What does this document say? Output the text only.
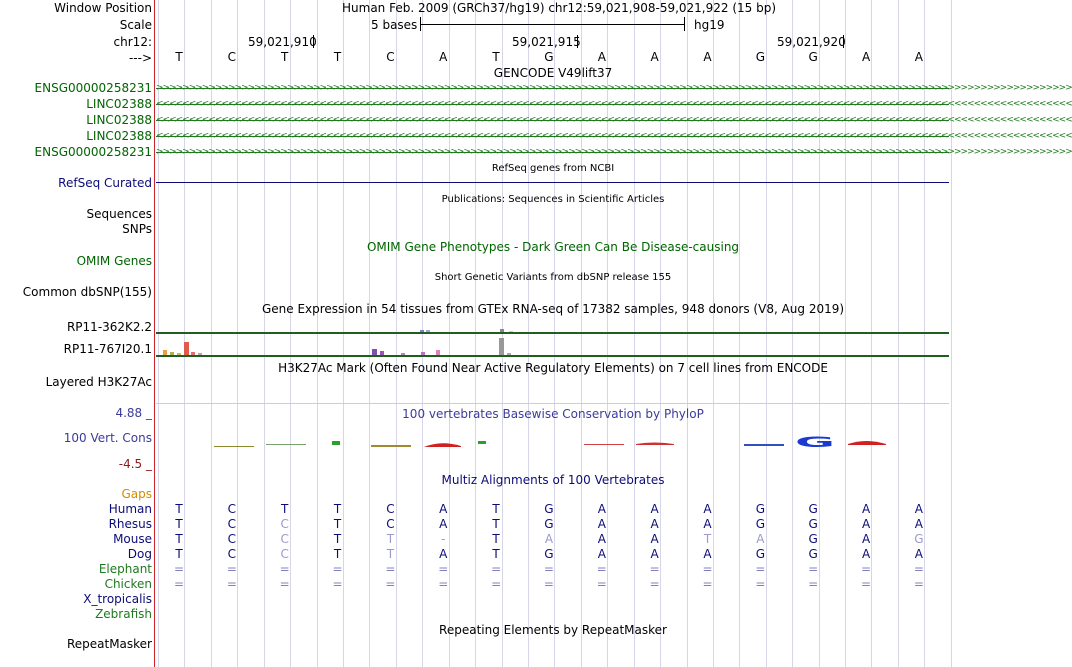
Window Position	Human Feb. 2009 (GRCh37/hg19) chr12:59,021,908-59,021,922 (15 bp)
Scale	5 bases	hg19
chr12:	59,021,910	59,021,915	59,021,920
---> T	C	T	T	C	A	T	G	A	A	A	G	G	A	A
GENCODE V49lift37
ENSG00000258231 >>>>>>>>>>>>>>>>>>>>>>>>>>>>>>>>>>>>>>>>>>>>>>>>>>>>>>>>>>>>>>>>>>>>>>>>>>>>>>>>>>>>>>>>>>>>>>>>>>>>>>>>>>>>>>>>>>>>>>>>>>>>>>>>>>>>>>>>>>>>
LINC02388 <<<<<<<<<<<<<<<<<<<<<<<<<<<<<<<<<<<<<<<<<<<<<<<<<<<<<<<<<<<<<<<<<<<<<<<<<<<<<<<<<<<<<<<<<<<<<<<<<<<<<<<<<<<<<<<<<<<<<<<<<<<<<<<<<<<<<<<<<<<<
LINC02388 <<<<<<<<<<<<<<<<<<<<<<<<<<<<<<<<<<<<<<<<<<<<<<<<<<<<<<<<<<<<<<<<<<<<<<<<<<<<<<<<<<<<<<<<<<<<<<<<<<<<<<<<<<<<<<<<<<<<<<<<<<<<<<<<<<<<<<<<<<<<
LINC02388 <<<<<<<<<<<<<<<<<<<<<<<<<<<<<<<<<<<<<<<<<<<<<<<<<<<<<<<<<<<<<<<<<<<<<<<<<<<<<<<<<<<<<<<<<<<<<<<<<<<<<<<<<<<<<<<<<<<<<<<<<<<<<<<<<<<<<<<<<<<<
ENSG00000258231 >>>>>>>>>>>>>>>>>>>>>>>>>>>>>>>>>>>>>>>>>>>>>>>>>>>>>>>>>>>>>>>>>>>>>>>>>>>>>>>>>>>>>>>>>>>>>>>>>>>>>>>>>>>>>>>>>>>>>>>>>>>>>>>>>>>>>>>>>>>>
RefSeq genes from NCBI
RefSeq Curated
Publications: Sequences in Scientific Articles
Sequences
SNPs
OMIM Gene Phenotypes - Dark Green Can Be Disease-causing
OMIM Genes
Short Genetic Variants from dbSNP release 155
Common dbSNP(155)
Gene Expression in 54 tissues from GTEx RNA-seq of 17382 samples, 948 donors (V8, Aug 2019)
RP11-362K2.2
RP11-767I20.1
H3K27Ac Mark (Often Found Near Active Regulatory Elements) on 7 cell lines from ENCODE
Layered H3K27Ac
4.88 _	100 vertebrates Basewise Conservation by PhyloP
100 Vert. Cons
-4.5 _
G
Multiz Alignments of 100 Vertebrates
Gaps
Human T	C	T	T	C	A	T	G	A	A	A	G	G	A	A
Rhesus T	C	C	T	C	A	T	G	A	A	A	G	G	A	A
Mouse T	C	C	T	T	-	T	A	A	A	T	A	G	A	G
Dog T	C	C	T	T	A	T	G	A	A	A	G	G	A	A
Elephant =	=	=	=	=	=	=	=	=	=	=	=	=	=	=
Chicken =	=	=	=	=	=	=	=	=	=	=	=	=	=	=
X_tropicalis
Zebrafish
Repeating Elements by RepeatMasker
RepeatMasker
